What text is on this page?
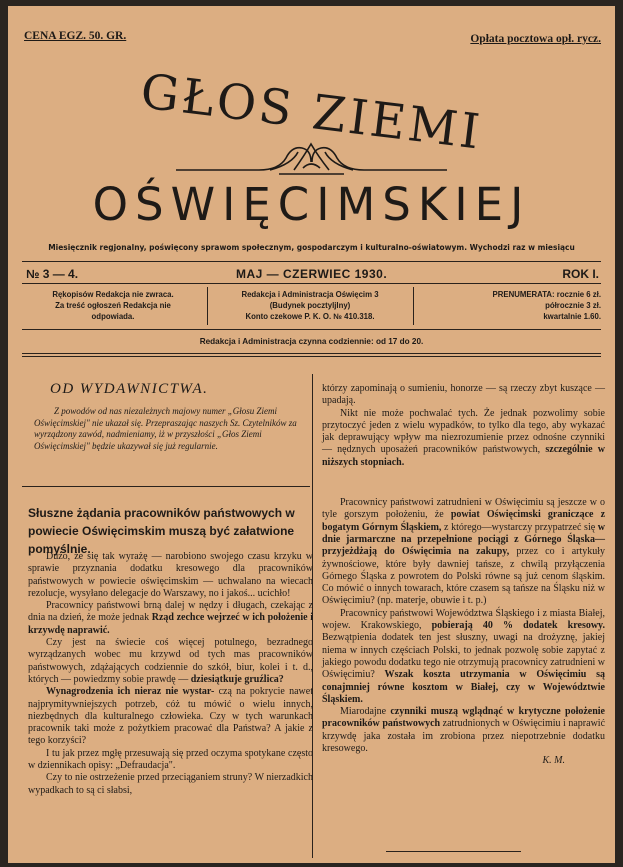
CENA EGZ. 50. GR.	Opłata pocztowa opł. rycz.
GŁOS ZIEMI
OŚWIĘCIMSKIEJ
Miesięcznik regjonalny, poświęcony sprawom społecznym, gospodarczym i kulturalno-oświatowym. Wychodzi raz w miesiącu
№ 3 — 4.	MAJ — CZERWIEC 1930.	ROK I.
Rękopisów Redakcja nie zwraca.
Za treść ogłoszeń Redakcja nie
odpowiada.
Redakcja i Administracja Oświęcim 3
(Budynek pocztyljlny)
Konto czekowe P. K. O. № 410.318.
PRENUMERATA: rocznie 6 zł.
półrocznie 3 zł.
kwartalnie 1.60.
Redakcja i Administracja czynna codziennie: od 17 do 20.
OD WYDAWNICTWA.
Z powodów od nas niezależnych majowy numer „Głosu Ziemi Oświęcimskiej" nie ukazał się. Przepraszając naszych Sz. Czytelników za wyrządzony zawód, nadmieniamy, iż w przyszłości „Głos Ziemi Oświęcimskiej" będzie ukazywał się już regularnie.
Słuszne żądania pracowników państwowych w powiecie Oświęcimskim muszą być załatwione pomyślnie.

Dużo, że się tak wyrażę — narobiono swojego czasu krzyku w sprawie przyznania dodatku kresowego dla pracowników państwowych w powiecie oświęcimskim — uchwalano na wiecach rezolucje, wysyłano delegacje do Warszawy, no i jakoś... ucichło!

Pracownicy państwowi brną dalej w nędzy i długach, czekając z dnia na dzień, że może jednak Rząd zechce wejrzeć w ich położenie i krzywdę naprawić.

Czy jest na świecie coś więcej potulnego, bezradnego wyrządzanych wobec mu krzywd od tych mas pracowników państwowych, zdążających codziennie do szkół, biur, kolei i t. d., których — powiedzmy sobie prawdę — dziesiątkuje gruźlica?

Wynagrodzenia ich nieraz nie wystar- czą na pokrycie nawet najprymitywniejszych potrzeb, cóż tu mówić o wielu innych, niezbędnych dla kulturalnego człowieka. Czy w tych warunkach pracownik taki może z pożytkiem pracować dla Państwa? A jakie z tego korzyści?

I tu jak przez mgłę przesuwają się przed oczyma spotykane często w dziennikach opisy: „Defraudacja".

Czy to nie ostrzeżenie przed przeciąganiem struny? W nierzadkich wypadkach to są ci słabsi,

którzy zapominają o sumieniu, honorze — są rzeczy zbyt kuszące — upadają.

Nikt nie może pochwalać tych. Że jednak pozwolimy sobie przytoczyć jeden z wielu wypadków, to tylko dla tego, aby wykazać jak deprawujący wpływ ma niezrozumienie przez odnośne czynniki — nędznych uposażeń pracowników państwowych, szczególnie w niższych stopniach.

Pracownicy państwowi zatrudnieni w Oświęcimiu są jeszcze w o tyle gorszym położeniu, że powiat Oświęcimski graniczące z bogatym Górnym Śląskiem, z którego—wystarczy przypatrzeć się w dnie jarmarczne na przepełnione pociągi z Górnego Śląska—przyjeżdżają do Oświęcimia na zakupy, przez co i artykuły żywnościowe, które były dawniej tańsze, z chwilą przyłączenia Górnego Śląska z powrotem do Polski równe są już cenom śląskim. Co mówić o innych towarach, które czasem są tańsze na Śląsku niż w Oświęcimiu? (np. materje, obuwie i t. p.)

Pracownicy państwowi Województwa Śląskiego i z miasta Białej, wojew. Krakowskiego, pobierają 40 % dodatek kresowy. Bezwątpienia dodatek ten jest słuszny, uwagi na drożyznę, jakiej niema w innych częściach Polski, to jednak pozwolę sobie zapytać z jakiego powodu dodatku tego nie otrzymują pracownicy zatrudnieni w Oświęcimiu? Wszak koszta utrzymania w Oświęcimiu są conajmniej równe kosztom w Białej, czy w Województwie Śląskiem.

Miarodajne czynniki muszą wglądnąć w krytyczne położenie pracowników państwowych zatrudnionych w Oświęcimiu i naprawić krzywdę jaka została im zrobiona przez niepotrzebnie dodatku kresowego.

K. M.
